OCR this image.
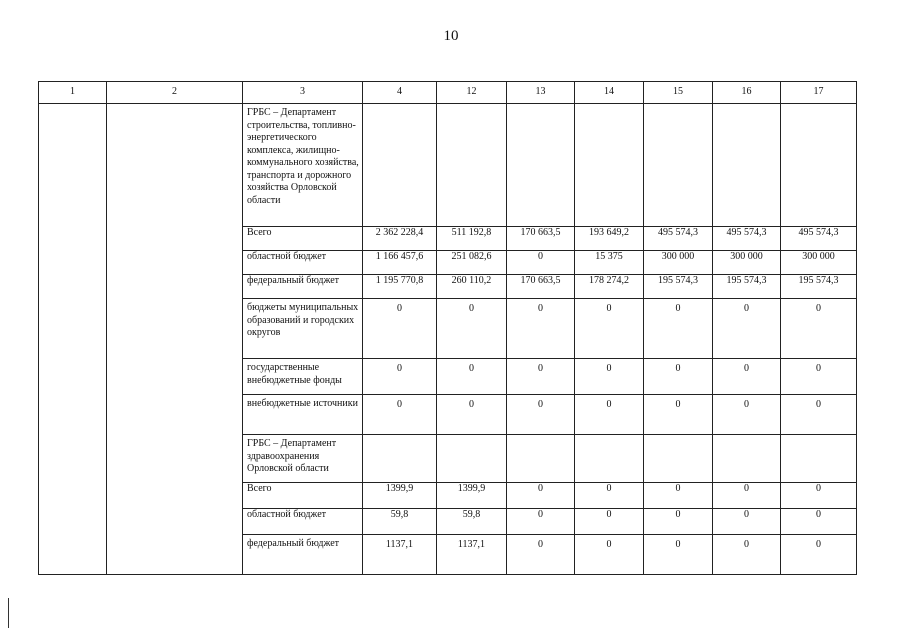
10
1	2	3	4	12	13	14	15	16	17
		ГРБС – Департамент строительства, топливно-энергетического комплекса, жилищно-коммунального хозяйства, транспорта и дорожного хозяйства Орловской области							
		Всего	2 362 228,4	511 192,8	170 663,5	193 649,2	495 574,3	495 574,3	495 574,3
		областной бюджет	1 166 457,6	251 082,6	0	15 375	300 000	300 000	300 000
		федеральный бюджет	1 195 770,8	260 110,2	170 663,5	178 274,2	195 574,3	195 574,3	195 574,3
		бюджеты муниципальных образований и городских округов	0	0	0	0	0	0	0
		государственные внебюджетные фонды	0	0	0	0	0	0	0
		внебюджетные источники	0	0	0	0	0	0	0
		ГРБС – Департамент здравоохранения Орловской области							
		Всего	1399,9	1399,9	0	0	0	0	0
		областной бюджет	59,8	59,8	0	0	0	0	0
		федеральный бюджет	1137,1	1137,1	0	0	0	0	0
